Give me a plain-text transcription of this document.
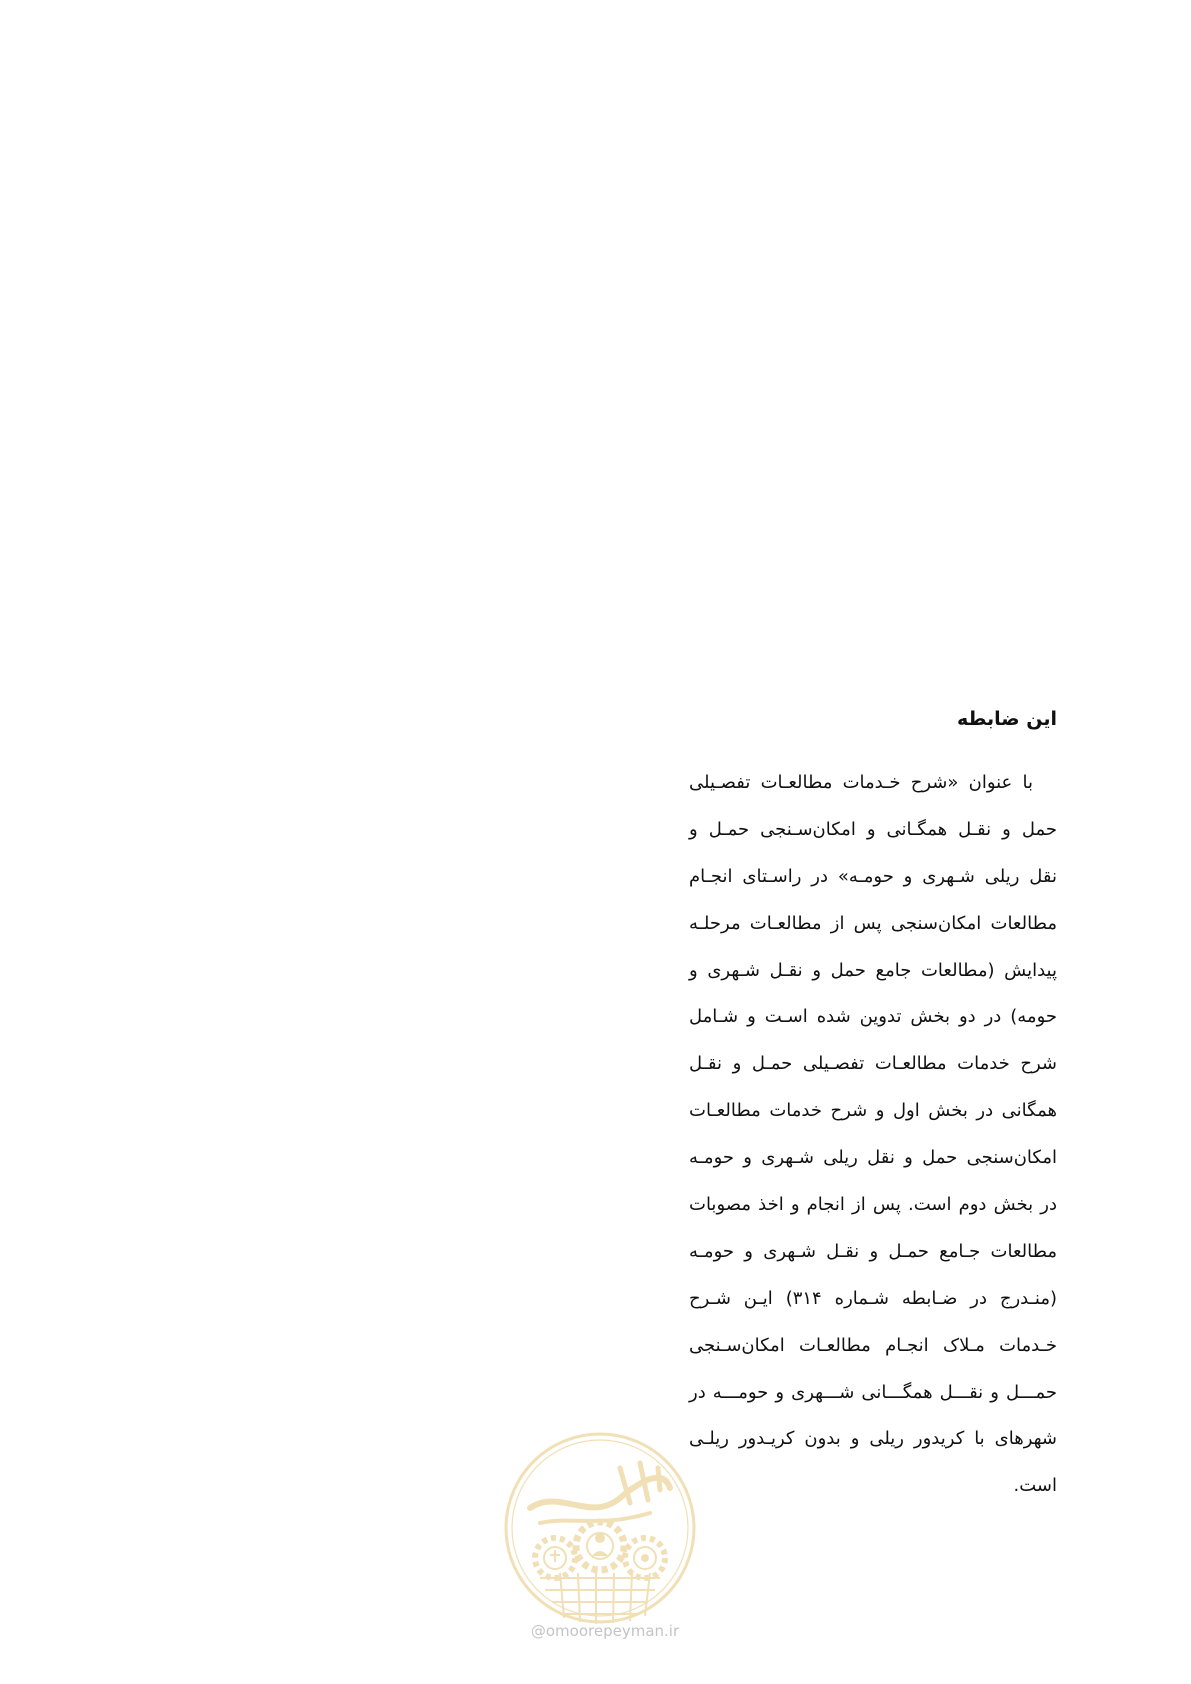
این ضابطه
با عنوان «شرح خـدمات مطالعـات تفصـیلی
حمل و نقـل همگـانی و امکان‌سـنجی حمـل و
نقل ریلی شـهری و حومـه» در راسـتای انجـام
مطالعات امکان‌سنجی پس از مطالعـات مرحلـه
پیدایش (مطالعات جامع حمل و نقـل شـهری و
حومه) در دو بخش تدوین شده اسـت و شـامل
شرح خدمات مطالعـات تفصـیلی حمـل و نقـل
همگانی در بخش اول و شرح خدمات مطالعـات
امکان‌سنجی حمل و نقل ریلی شـهری و حومـه
در بخش دوم است. پس از انجام و اخذ مصوبات
مطالعات جـامع حمـل و نقـل شـهری و حومـه
(منـدرج در ضـابطه شـماره ۳۱۴) ایـن شـرح
خـدمات مـلاک انجـام مطالعـات امکان‌سـنجی
حمـــل و نقـــل همگـــانی شـــهری و حومـــه در
شهرهای با کریدور ریلی و بدون کریـدور ریلـی
است.
@omoorepeyman.ir
